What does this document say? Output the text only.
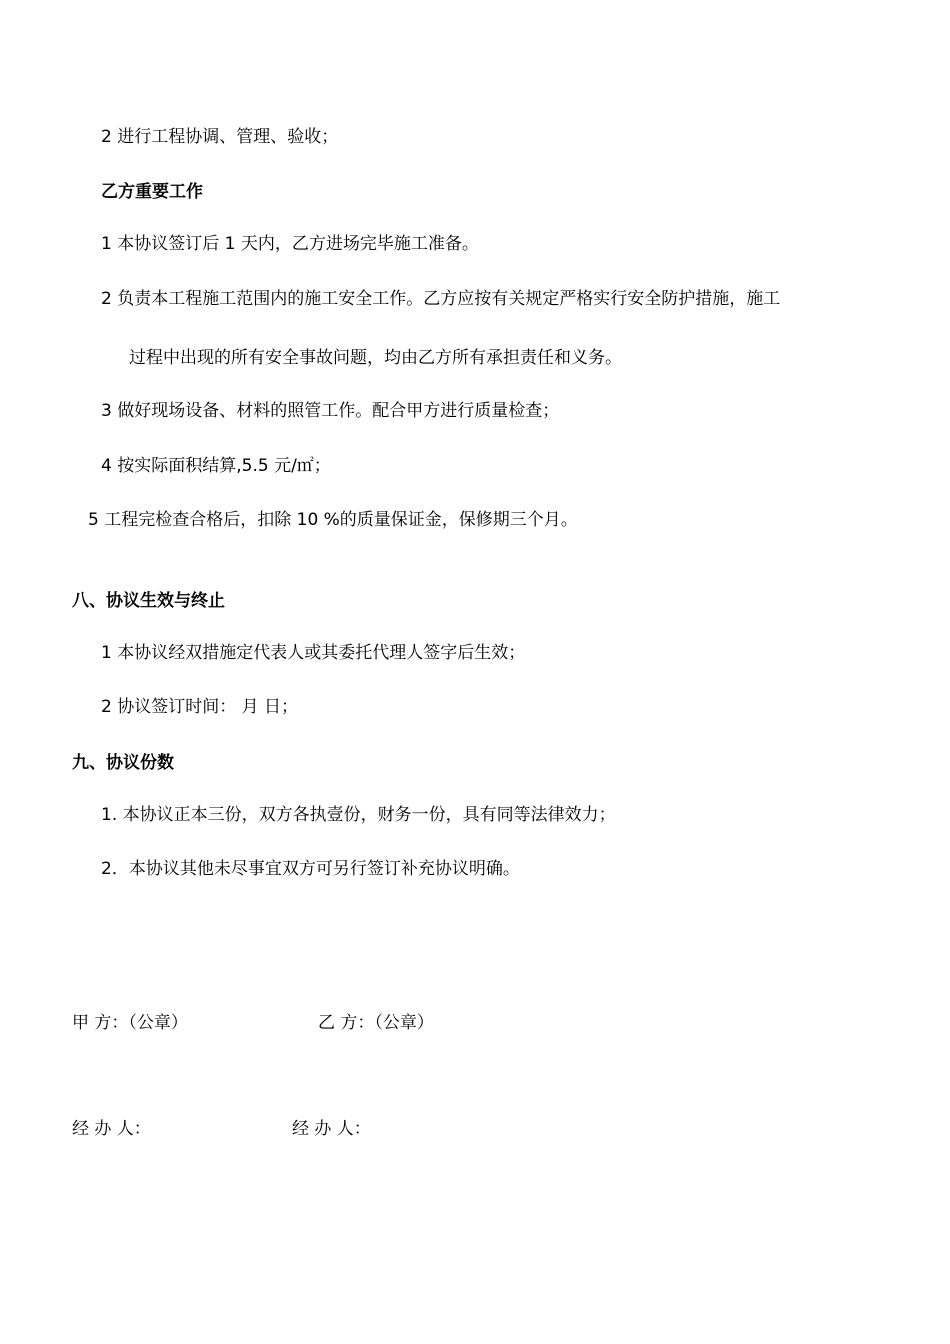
2 进行工程协调、管理、验收；
乙方重要工作
1 本协议签订后 1 天内，乙方进场完毕施工准备。
2 负责本工程施工范围内的施工安全工作。乙方应按有关规定严格实行安全防护措施，施工
过程中出现的所有安全事故问题，均由乙方所有承担责任和义务。
3 做好现场设备、材料的照管工作。配合甲方进行质量检查；
4 按实际面积结算,5.5 元/㎡；
5 工程完检查合格后，扣除 10 %的质量保证金，保修期三个月。
八、协议生效与终止
1 本协议经双措施定代表人或其委托代理人签字后生效；
2 协议签订时间： 月 日；
九、协议份数
1. 本协议正本三份，双方各执壹份，财务一份，具有同等法律效力；
2．本协议其他未尽事宜双方可另行签订补充协议明确。
甲 方：（公章）	乙 方：（公章）
经 办 人：	经 办 人：
